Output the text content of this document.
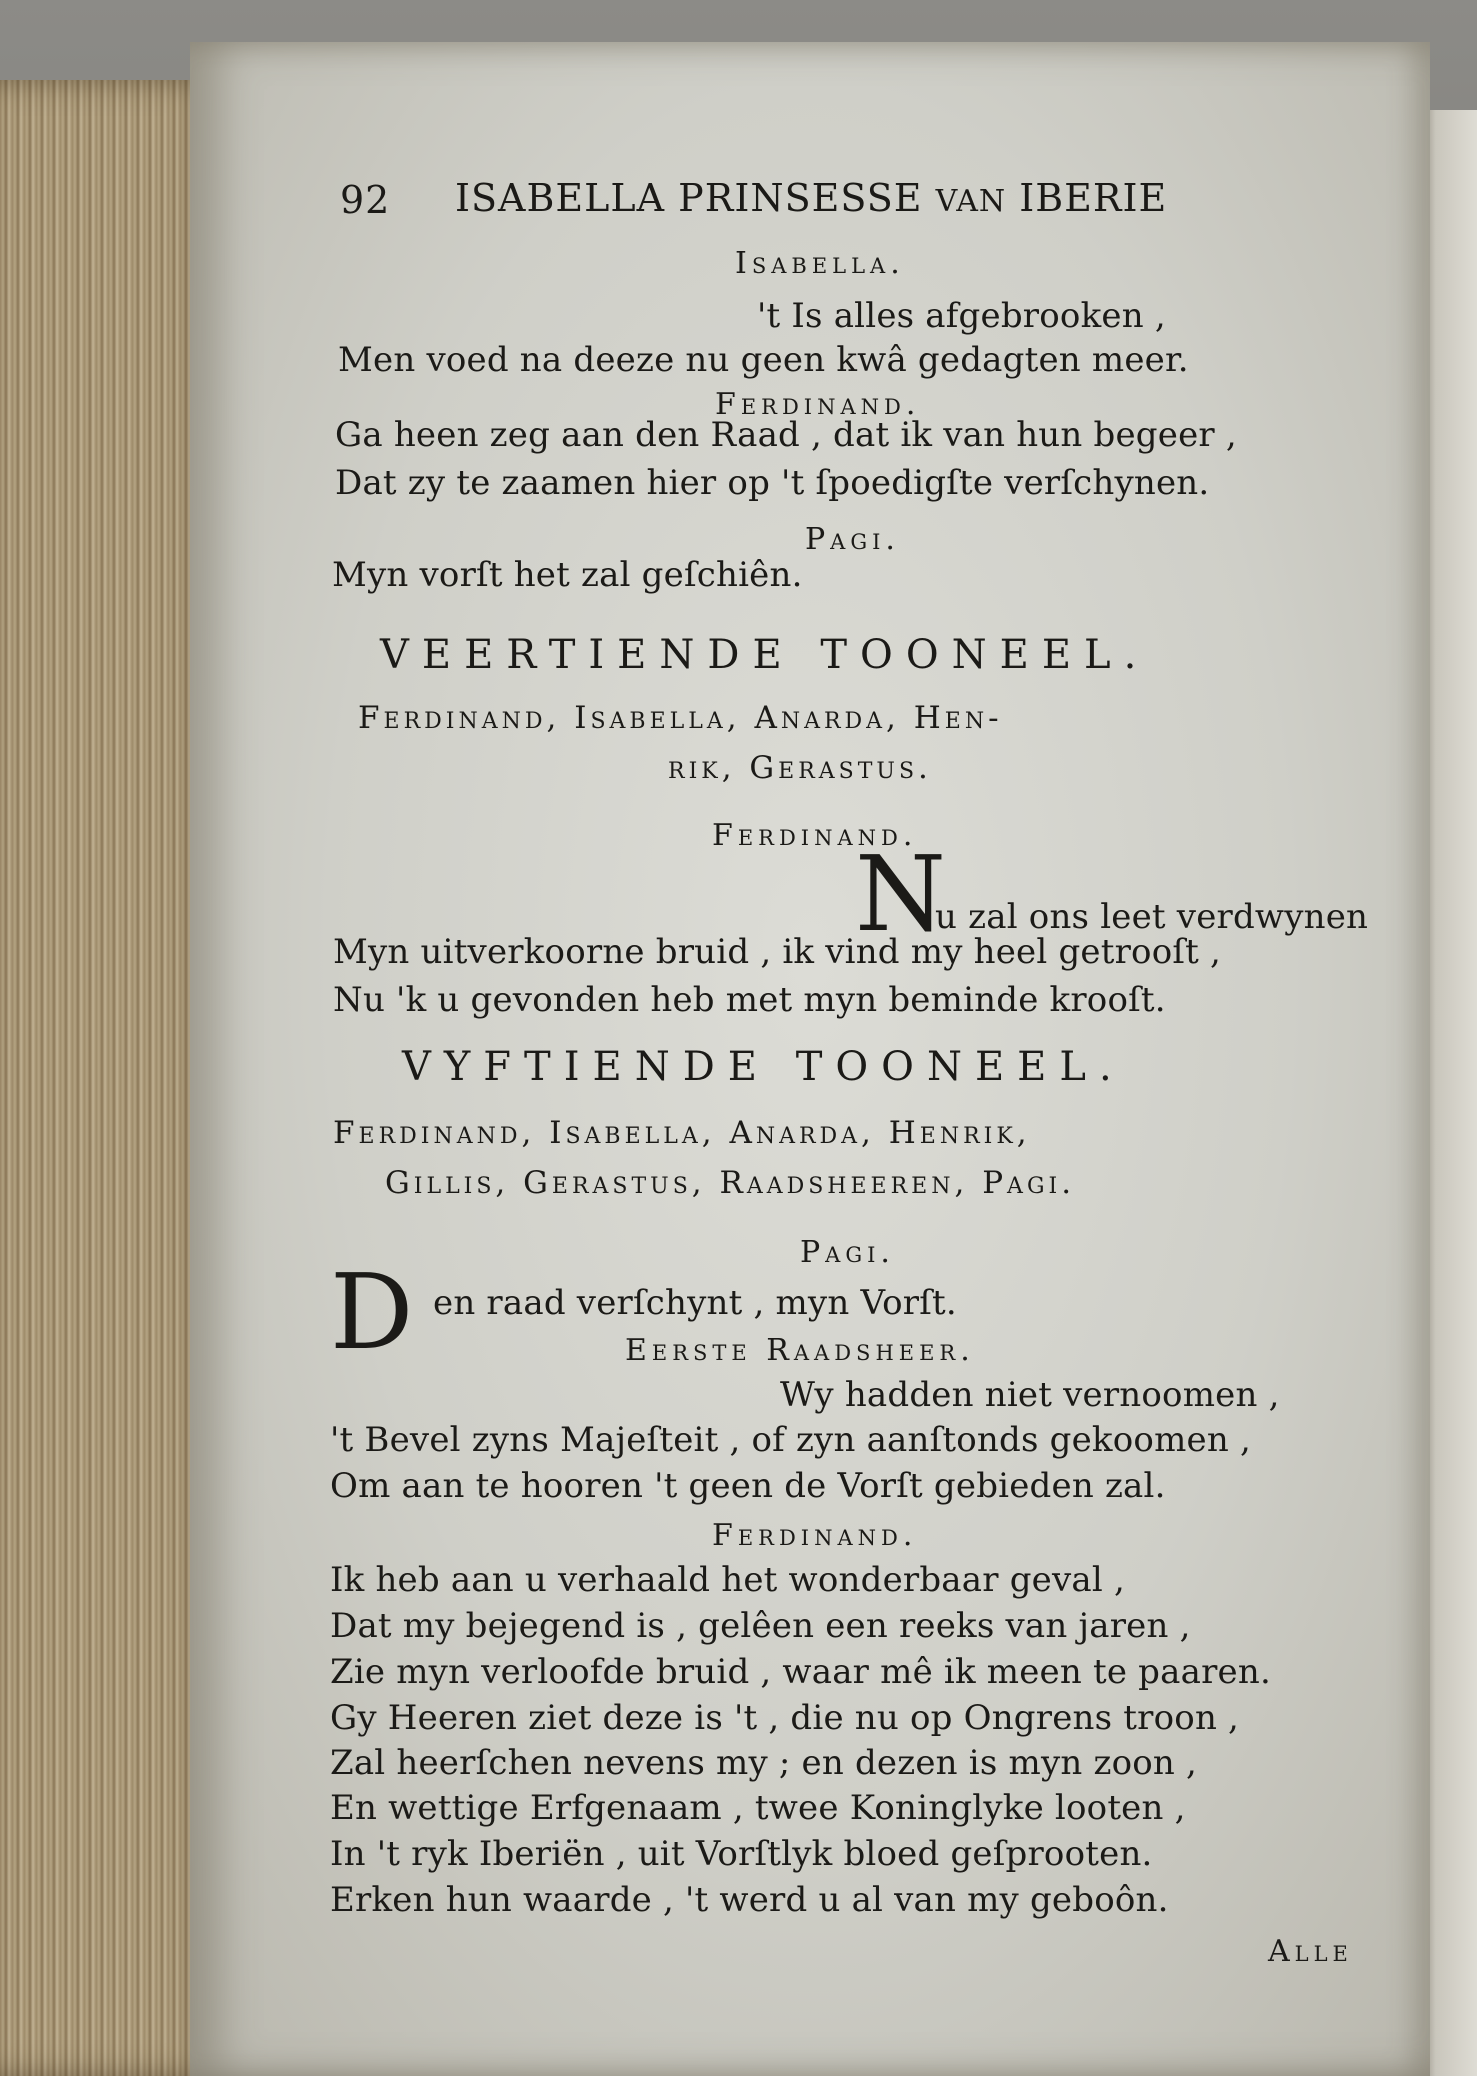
92 ISABELLA PRINSESSE VAN IBERIE
Isabella.
't Is alles afgebrooken ,
Men voed na deeze nu geen kwâ gedagten meer.
Ferdinand.
Ga heen zeg aan den Raad , dat ik van hun begeer ,
Dat zy te zaamen hier op 't ſpoedigſte verſchynen.
Pagi.
Myn vorſt het zal geſchiên.
VEERTIENDE TOONEEL.
Ferdinand, Isabella, Anarda, Hen-
rik, Gerastus.
Ferdinand.
N
u zal ons leet verdwynen
Myn uitverkoorne bruid , ik vind my heel getrooſt ,
Nu 'k u gevonden heb met myn beminde krooſt.
VYFTIENDE TOONEEL.
Ferdinand, Isabella, Anarda, Henrik,
Gillis, Gerastus, Raadsheeren, Pagi.
Pagi.
D en raad verſchynt , myn Vorſt.
Eerste Raadsheer.
Wy hadden niet vernoomen ,
't Bevel zyns Majeſteit , of zyn aanſtonds gekoomen ,
Om aan te hooren 't geen de Vorſt gebieden zal.
Ferdinand.
Ik heb aan u verhaald het wonderbaar geval ,
Dat my bejegend is , gelêen een reeks van jaren ,
Zie myn verloofde bruid , waar mê ik meen te paaren.
Gy Heeren ziet deze is 't , die nu op Ongrens troon ,
Zal heerſchen nevens my ; en dezen is myn zoon ,
En wettige Erfgenaam , twee Koninglyke looten ,
In 't ryk Iberiën , uit Vorſtlyk bloed geſprooten.
Erken hun waarde , 't werd u al van my geboôn.
Alle
